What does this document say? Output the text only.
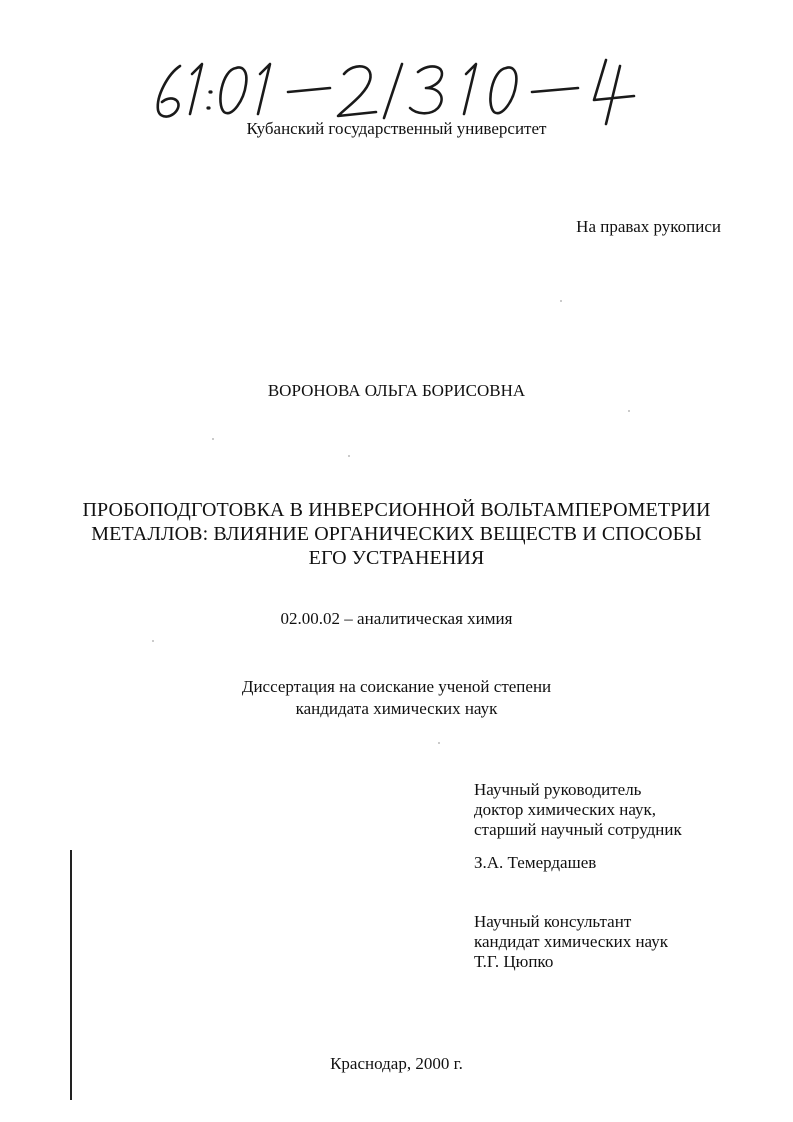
Кубанский государственный университет
На правах рукописи
ВОРОНОВА ОЛЬГА БОРИСОВНА
ПРОБОПОДГОТОВКА В ИНВЕРСИОННОЙ ВОЛЬТАМПЕРОМЕТРИИ
МЕТАЛЛОВ: ВЛИЯНИЕ ОРГАНИЧЕСКИХ ВЕЩЕСТВ И СПОСОБЫ
ЕГО УСТРАНЕНИЯ
02.00.02 – аналитическая химия
Диссертация на соискание ученой степени
кандидата химических наук
Научный руководитель
доктор химических наук,
старший научный сотрудник
З.А. Темердашев
Научный консультант
кандидат химических наук
Т.Г. Цюпко
Краснодар, 2000 г.
